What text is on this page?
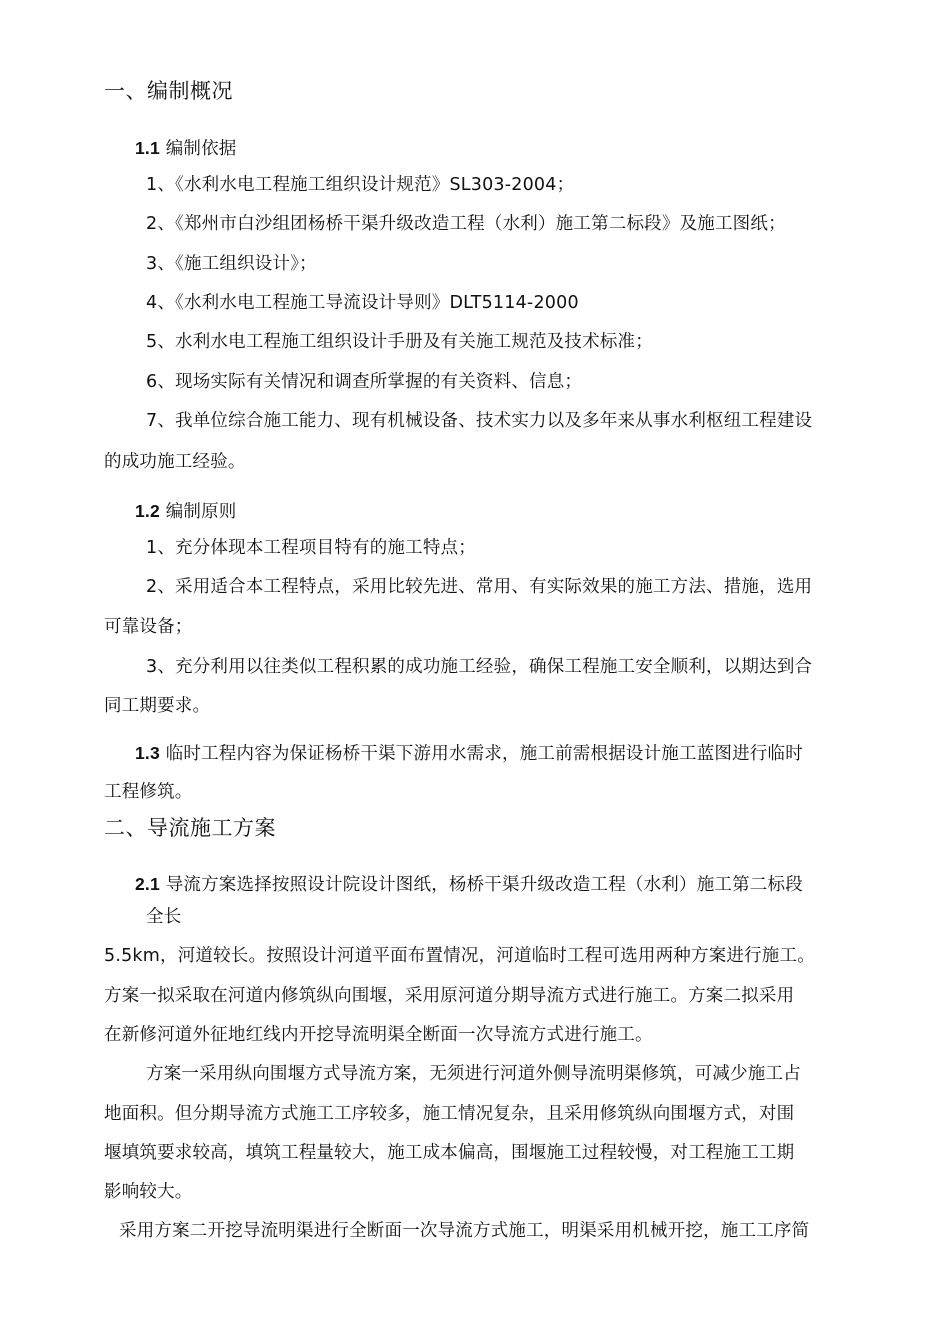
一、编制概况
1.1 编制依据
1、《水利水电工程施工组织设计规范》SL303-2004；
2、《郑州市白沙组团杨桥干渠升级改造工程（水利）施工第二标段》及施工图纸；
3、《施工组织设计》；
4、《水利水电工程施工导流设计导则》DLT5114-2000
5、水利水电工程施工组织设计手册及有关施工规范及技术标准；
6、现场实际有关情况和调查所掌握的有关资料、信息；
7、我单位综合施工能力、现有机械设备、技术实力以及多年来从事水利枢纽工程建设
的成功施工经验。
1.2 编制原则
1、充分体现本工程项目特有的施工特点；
2、采用适合本工程特点，采用比较先进、常用、有实际效果的施工方法、措施，选用
可靠设备；
3、充分利用以往类似工程积累的成功施工经验，确保工程施工安全顺利，以期达到合
同工期要求。
1.3 临时工程内容为保证杨桥干渠下游用水需求，施工前需根据设计施工蓝图进行临时
工程修筑。
二、导流施工方案
2.1 导流方案选择按照设计院设计图纸，杨桥干渠升级改造工程（水利）施工第二标段
全长
5.5km，河道较长。按照设计河道平面布置情况，河道临时工程可选用两种方案进行施工。
方案一拟采取在河道内修筑纵向围堰，采用原河道分期导流方式进行施工。方案二拟采用
在新修河道外征地红线内开挖导流明渠全断面一次导流方式进行施工。
方案一采用纵向围堰方式导流方案，无须进行河道外侧导流明渠修筑，可减少施工占
地面积。但分期导流方式施工工序较多，施工情况复杂，且采用修筑纵向围堰方式，对围
堰填筑要求较高，填筑工程量较大，施工成本偏高，围堰施工过程较慢，对工程施工工期
影响较大。
采用方案二开挖导流明渠进行全断面一次导流方式施工，明渠采用机械开挖，施工工序简
